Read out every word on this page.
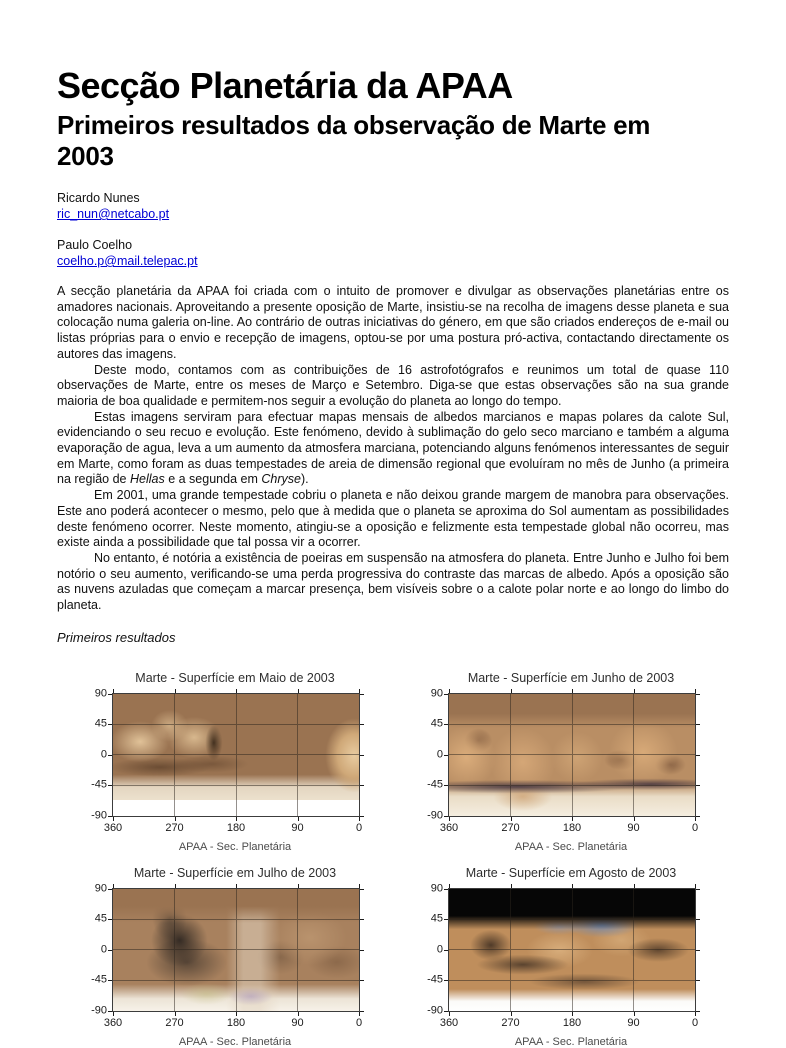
Secção Planetária da APAA
Primeiros resultados da observação de Marte em 2003
Ricardo Nunes
ric_nun@netcabo.pt
Paulo Coelho
coelho.p@mail.telepac.pt

A secção planetária da APAA foi criada com o intuito de promover e divulgar as observações planetárias entre os amadores nacionais. Aproveitando a presente oposição de Marte, insistiu-se na recolha de imagens desse planeta e sua colocação numa galeria on-line. Ao contrário de outras iniciativas do género, em que são criados endereços de e-mail ou listas próprias para o envio e recepção de imagens, optou-se por uma postura pró-activa, contactando directamente os autores das imagens.

Deste modo, contamos com as contribuições de 16 astrofotógrafos e reunimos um total de quase 110 observações de Marte, entre os meses de Março e Setembro. Diga-se que estas observações são na sua grande maioria de boa qualidade e permitem-nos seguir a evolução do planeta ao longo do tempo.

Estas imagens serviram para efectuar mapas mensais de albedos marcianos e mapas polares da calote Sul, evidenciando o seu recuo e evolução. Este fenómeno, devido à sublimação do gelo seco marciano e também a alguma evaporação de agua, leva a um aumento da atmosfera marciana, potenciando alguns fenómenos interessantes de seguir em Marte, como foram as duas tempestades de areia de dimensão regional que evoluíram no mês de Junho (a primeira na região de Hellas e a segunda em Chryse).

Em 2001, uma grande tempestade cobriu o planeta e não deixou grande margem de manobra para observações. Este ano poderá acontecer o mesmo, pelo que à medida que o planeta se aproxima do Sol aumentam as possibilidades deste fenómeno ocorrer. Neste momento, atingiu-se a oposição e felizmente esta tempestade global não ocorreu, mas existe ainda a possibilidade que tal possa vir a ocorrer.

No entanto, é notória a existência de poeiras em suspensão na atmosfera do planeta. Entre Junho e Julho foi bem notório o seu aumento, verificando-se uma perda progressiva do contraste das marcas de albedo. Após a oposição são as nuvens azuladas que começam a marcar presença, bem visíveis sobre o a calote polar norte e ao longo do limbo do planeta.

Primeiros resultados
Marte - Superfície em Maio de 2003
90
45
0
-45
-90
360	270	180	90	0
APAA - Sec. Planetária
Marte - Superfície em Junho de 2003
90
45
0
-45
-90
360	270	180	90	0
APAA - Sec. Planetária
Marte - Superfície em Julho de 2003
90
45
0
-45
-90
360	270	180	90	0
APAA - Sec. Planetária
Marte - Superfície em Agosto de 2003
90
45
0
-45
-90
360	270	180	90	0
APAA - Sec. Planetária
